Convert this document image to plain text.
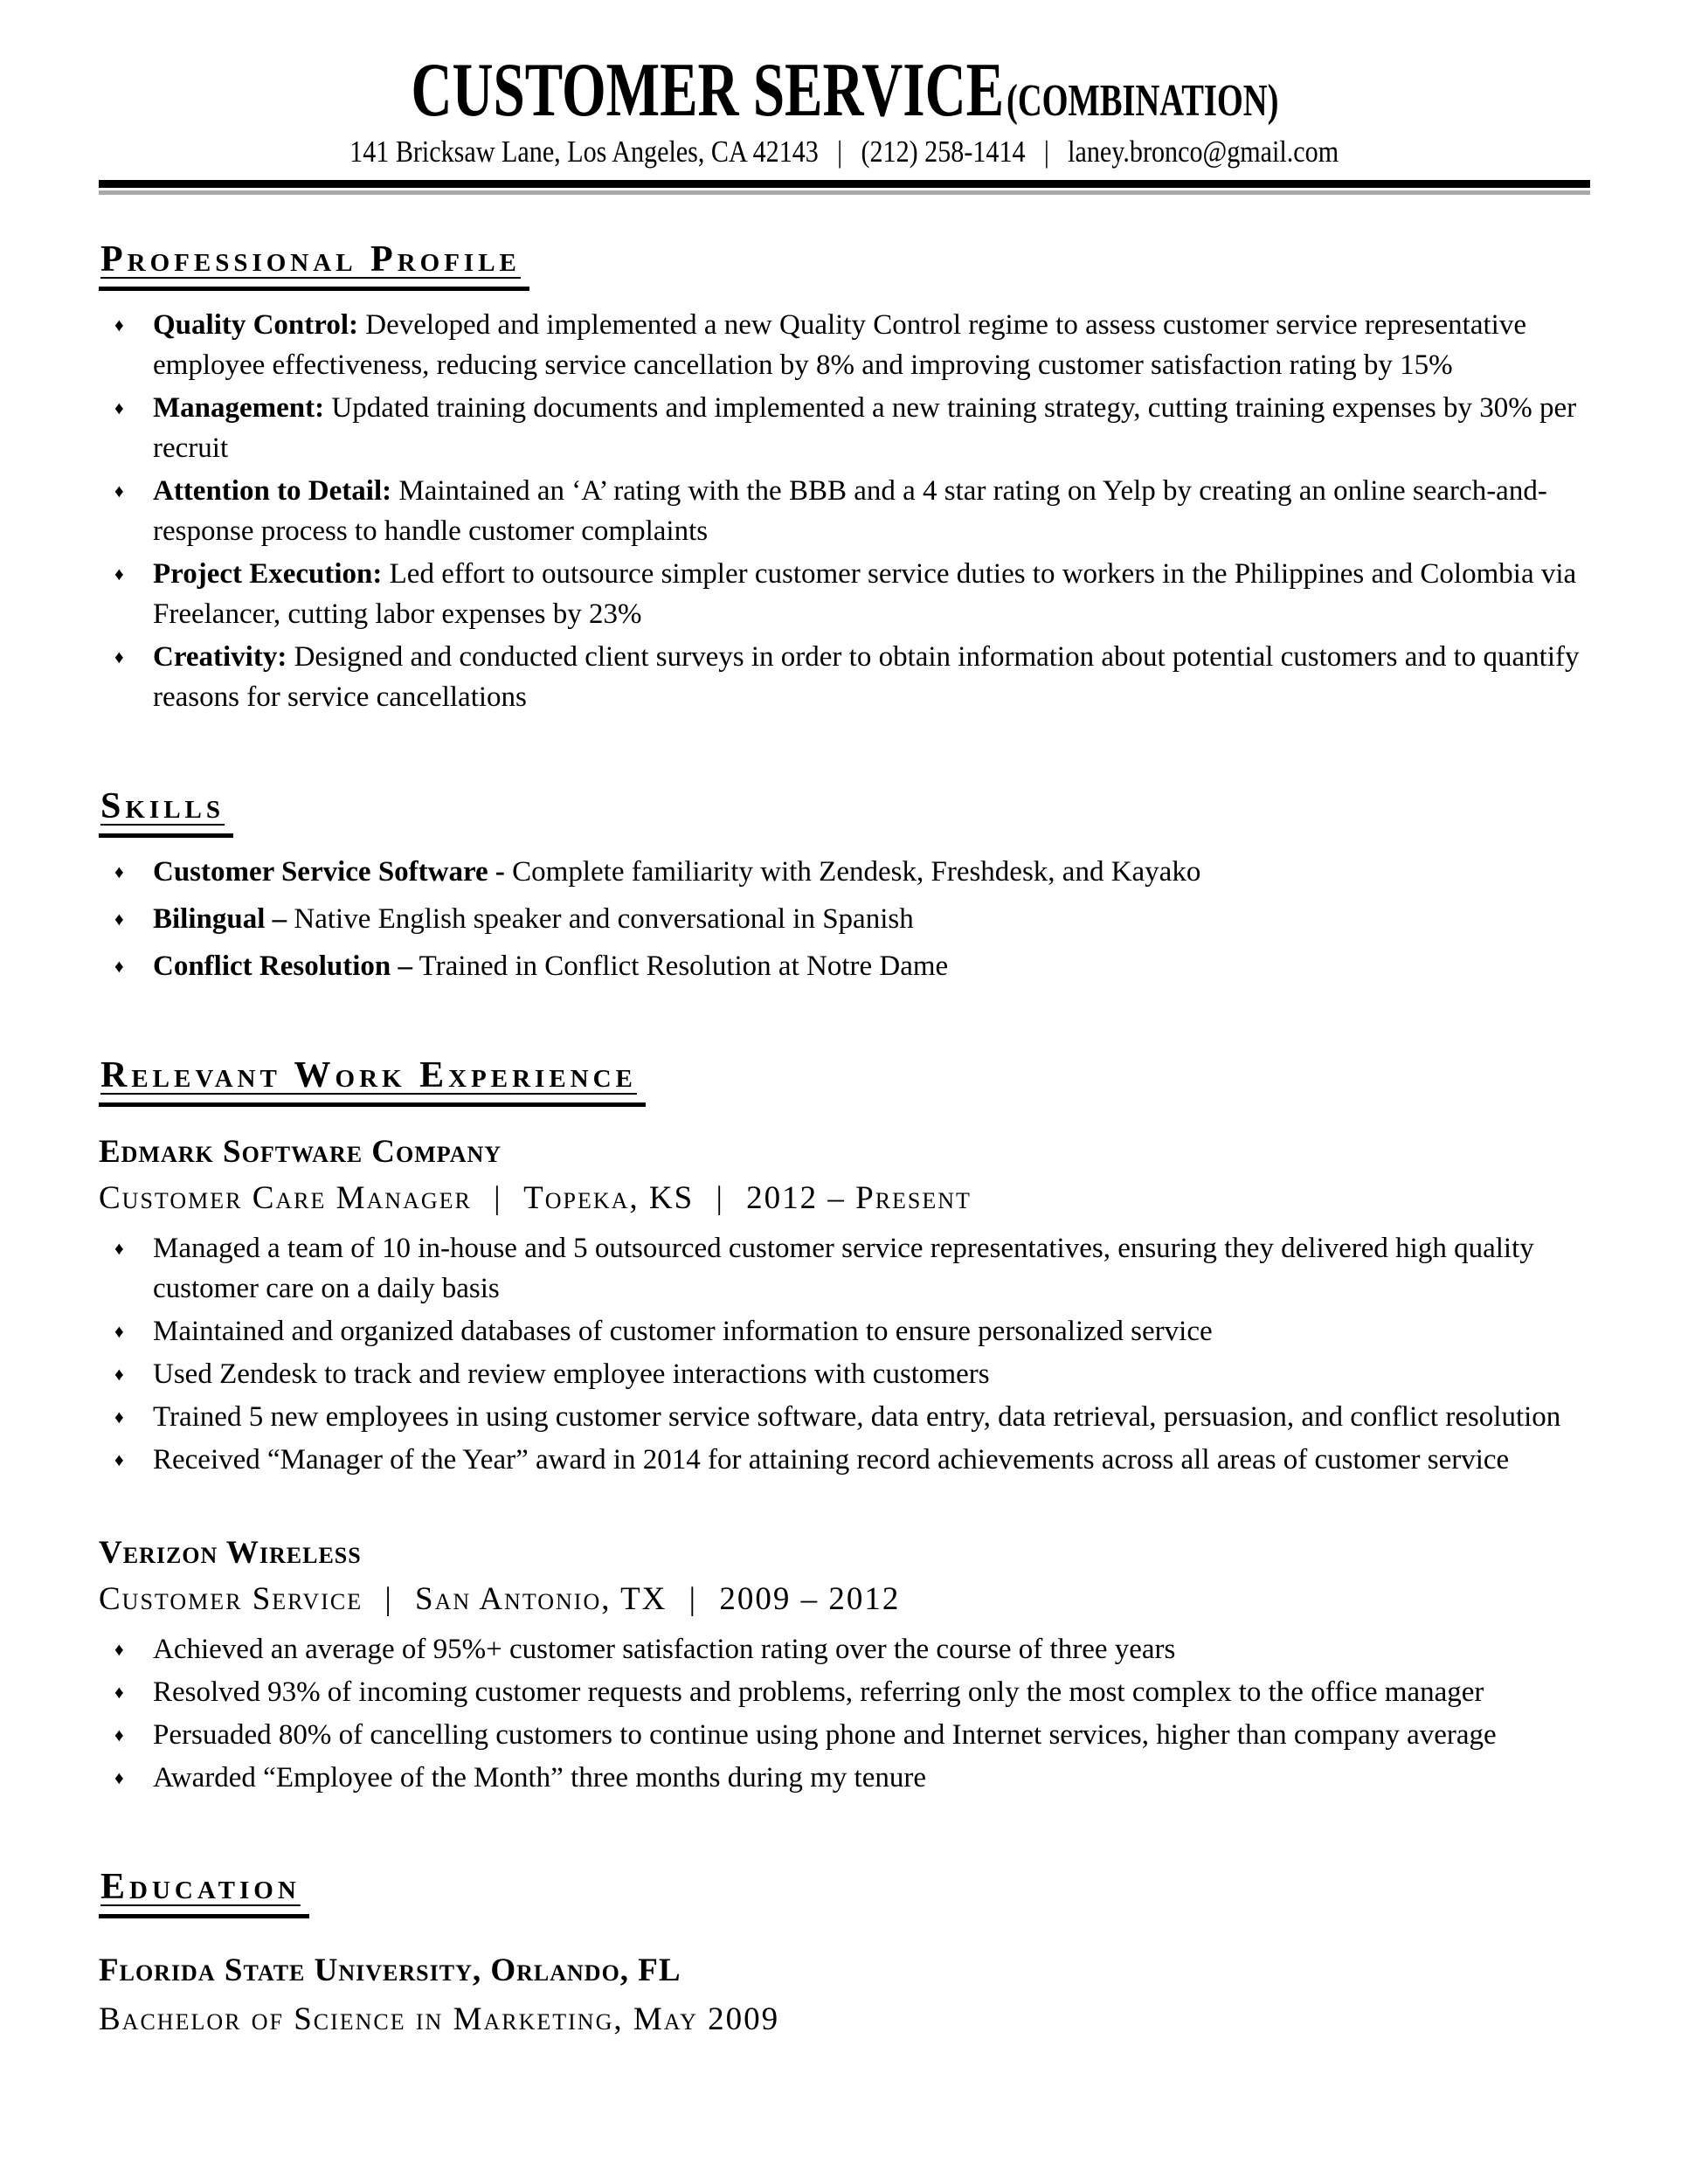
CUSTOMER SERVICE (COMBINATION)
141 Bricksaw Lane, Los Angeles, CA 42143 | (212) 258-1414 | laney.bronco@gmail.com
Professional Profile
♦ Quality Control: Developed and implemented a new Quality Control regime to assess customer service representative employee effectiveness, reducing service cancellation by 8% and improving customer satisfaction rating by 15%
♦ Management: Updated training documents and implemented a new training strategy, cutting training expenses by 30% per recruit
♦ Attention to Detail: Maintained an ‘A’ rating with the BBB and a 4 star rating on Yelp by creating an online search-and-response process to handle customer complaints
♦ Project Execution: Led effort to outsource simpler customer service duties to workers in the Philippines and Colombia via Freelancer, cutting labor expenses by 23%
♦ Creativity: Designed and conducted client surveys in order to obtain information about potential customers and to quantify reasons for service cancellations
Skills
♦ Customer Service Software - Complete familiarity with Zendesk, Freshdesk, and Kayako
♦ Bilingual – Native English speaker and conversational in Spanish
♦ Conflict Resolution – Trained in Conflict Resolution at Notre Dame
Relevant Work Experience
Edmark Software Company
Customer Care Manager | Topeka, KS | 2012 – Present
♦ Managed a team of 10 in-house and 5 outsourced customer service representatives, ensuring they delivered high quality customer care on a daily basis
♦ Maintained and organized databases of customer information to ensure personalized service
♦ Used Zendesk to track and review employee interactions with customers
♦ Trained 5 new employees in using customer service software, data entry, data retrieval, persuasion, and conflict resolution
♦ Received “Manager of the Year” award in 2014 for attaining record achievements across all areas of customer service
Verizon Wireless
Customer Service | San Antonio, TX | 2009 – 2012
♦ Achieved an average of 95%+ customer satisfaction rating over the course of three years
♦ Resolved 93% of incoming customer requests and problems, referring only the most complex to the office manager
♦ Persuaded 80% of cancelling customers to continue using phone and Internet services, higher than company average
♦ Awarded “Employee of the Month” three months during my tenure
Education
Florida State University, Orlando, FL
Bachelor of Science in Marketing, May 2009
